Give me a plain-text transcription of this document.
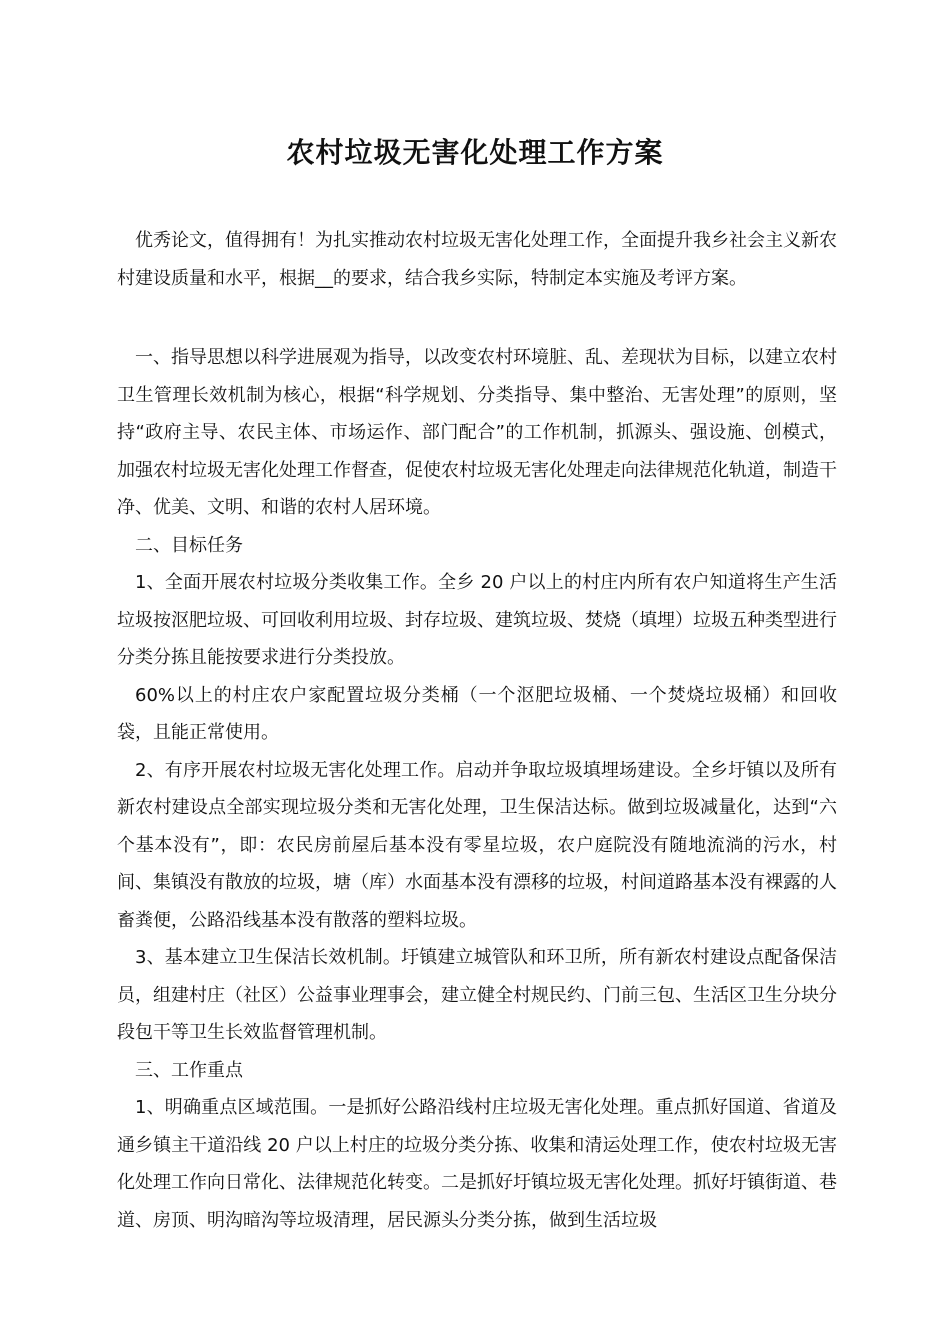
农村垃圾无害化处理工作方案

优秀论文，值得拥有！为扎实推动农村垃圾无害化处理工作，全面提升我乡社会主义新农村建设质量和水平，根据__的要求，结合我乡实际，特制定本实施及考评方案。

一、指导思想以科学进展观为指导，以改变农村环境脏、乱、差现状为目标，以建立农村卫生管理长效机制为核心，根据“科学规划、分类指导、集中整治、无害处理”的原则，坚持“政府主导、农民主体、市场运作、部门配合”的工作机制，抓源头、强设施、创模式，加强农村垃圾无害化处理工作督查，促使农村垃圾无害化处理走向法律规范化轨道，制造干净、优美、文明、和谐的农村人居环境。

二、目标任务

1、全面开展农村垃圾分类收集工作。全乡 20 户以上的村庄内所有农户知道将生产生活垃圾按沤肥垃圾、可回收利用垃圾、封存垃圾、建筑垃圾、焚烧（填埋）垃圾五种类型进行分类分拣且能按要求进行分类投放。

60%以上的村庄农户家配置垃圾分类桶（一个沤肥垃圾桶、一个焚烧垃圾桶）和回收袋，且能正常使用。

2、有序开展农村垃圾无害化处理工作。启动并争取垃圾填埋场建设。全乡圩镇以及所有新农村建设点全部实现垃圾分类和无害化处理，卫生保洁达标。做到垃圾减量化，达到“六个基本没有”，即：农民房前屋后基本没有零星垃圾，农户庭院没有随地流淌的污水，村间、集镇没有散放的垃圾，塘（库）水面基本没有漂移的垃圾，村间道路基本没有裸露的人畜粪便，公路沿线基本没有散落的塑料垃圾。

3、基本建立卫生保洁长效机制。圩镇建立城管队和环卫所，所有新农村建设点配备保洁员，组建村庄（社区）公益事业理事会，建立健全村规民约、门前三包、生活区卫生分块分段包干等卫生长效监督管理机制。

三、工作重点

1、明确重点区域范围。一是抓好公路沿线村庄垃圾无害化处理。重点抓好国道、省道及通乡镇主干道沿线 20 户以上村庄的垃圾分类分拣、收集和清运处理工作，使农村垃圾无害化处理工作向日常化、法律规范化转变。二是抓好圩镇垃圾无害化处理。抓好圩镇街道、巷道、房顶、明沟暗沟等垃圾清理，居民源头分类分拣，做到生活垃圾
